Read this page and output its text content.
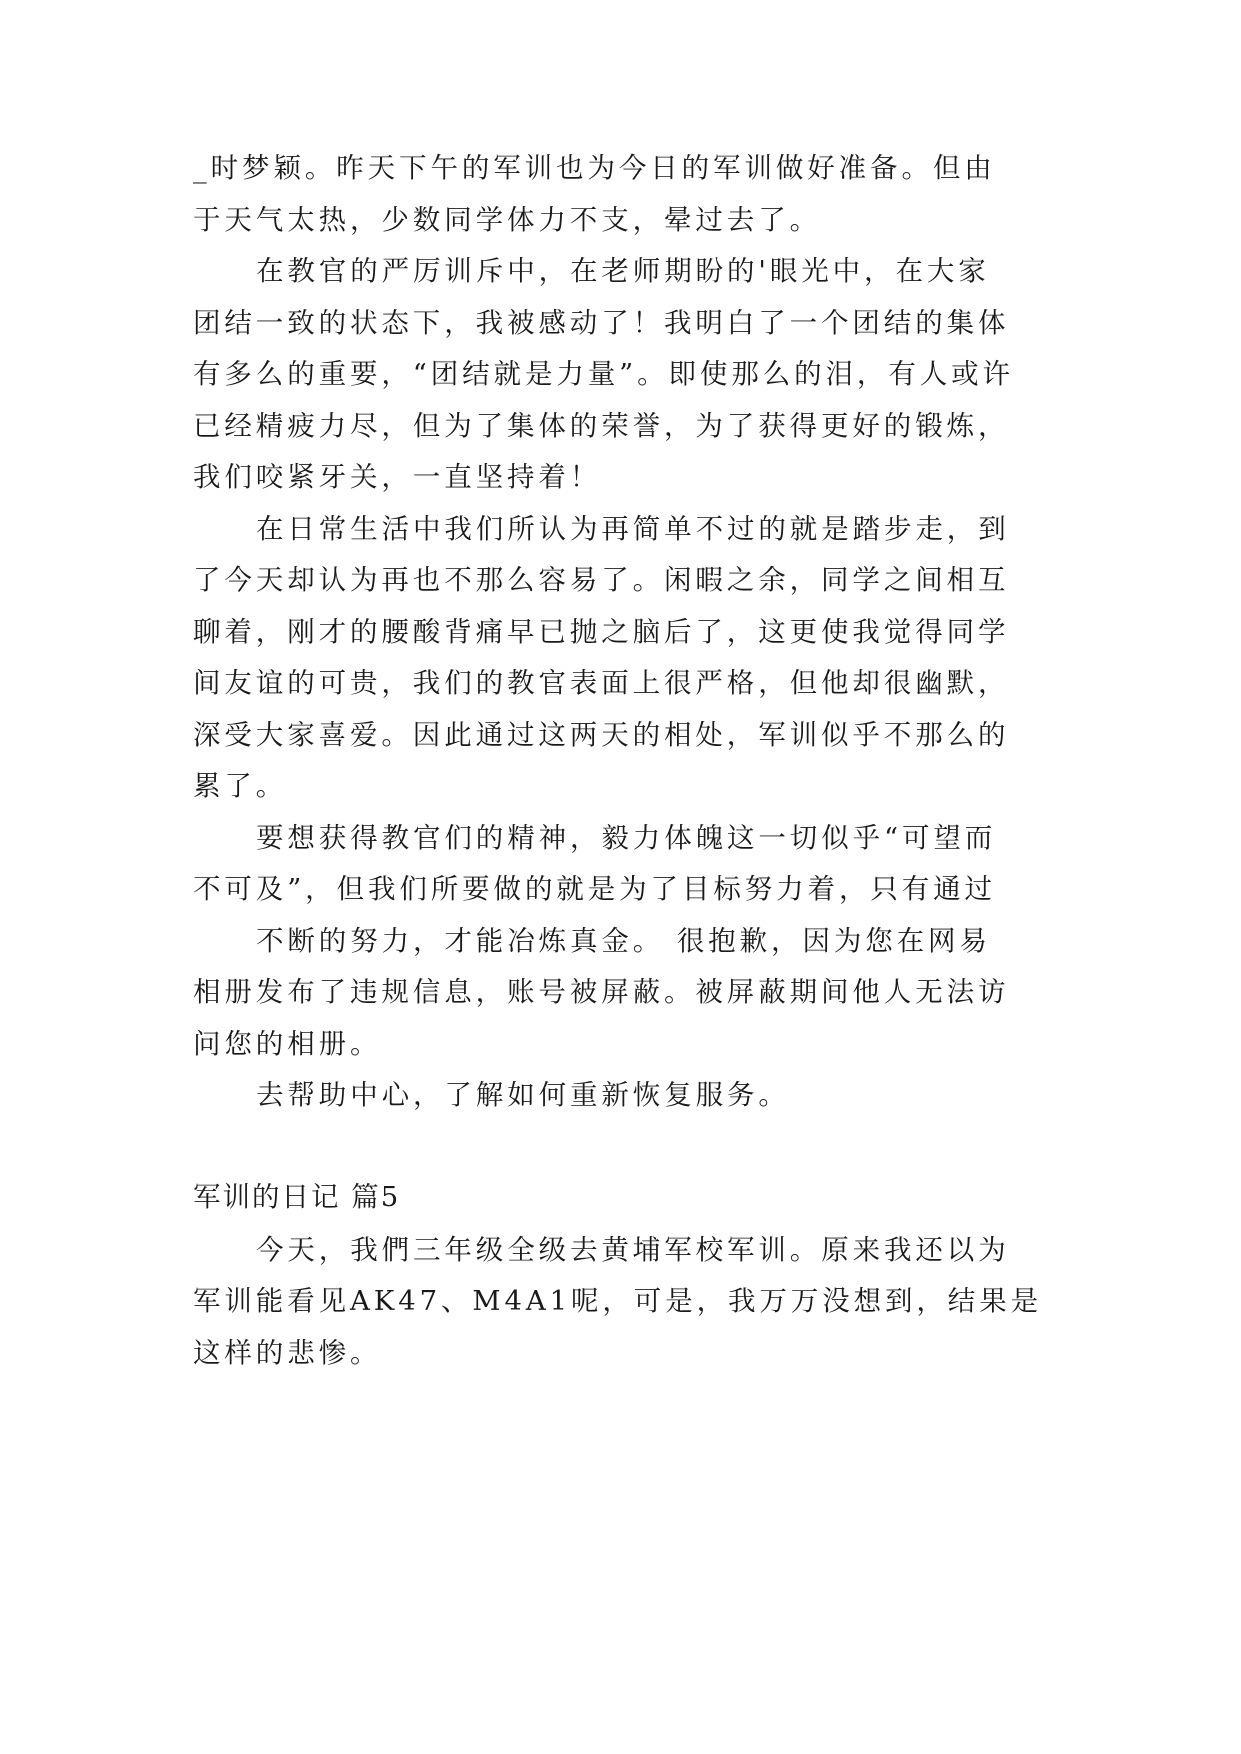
_时梦颖。昨天下午的军训也为今日的军训做好准备。但由
于天气太热，少数同学体力不支，晕过去了。
在教官的严厉训斥中，在老师期盼的'眼光中，在大家
团结一致的状态下，我被感动了！我明白了一个团结的集体
有多么的重要，“团结就是力量”。即使那么的泪，有人或许
已经精疲力尽，但为了集体的荣誉，为了获得更好的锻炼，
我们咬紧牙关，一直坚持着！
在日常生活中我们所认为再简单不过的就是踏步走，到
了今天却认为再也不那么容易了。闲暇之余，同学之间相互
聊着，刚才的腰酸背痛早已抛之脑后了，这更使我觉得同学
间友谊的可贵，我们的教官表面上很严格，但他却很幽默，
深受大家喜爱。因此通过这两天的相处，军训似乎不那么的
累了。
要想获得教官们的精神，毅力体魄这一切似乎“可望而
不可及”，但我们所要做的就是为了目标努力着，只有通过
不断的努力，才能冶炼真金。 很抱歉，因为您在网易
相册发布了违规信息，账号被屏蔽。被屏蔽期间他人无法访
问您的相册。
去帮助中心，了解如何重新恢复服务。
军训的日记 篇5
今天，我們三年级全级去黄埔军校军训。原来我还以为
军训能看见AK47、M4A1呢，可是，我万万没想到，结果是
这样的悲惨。
